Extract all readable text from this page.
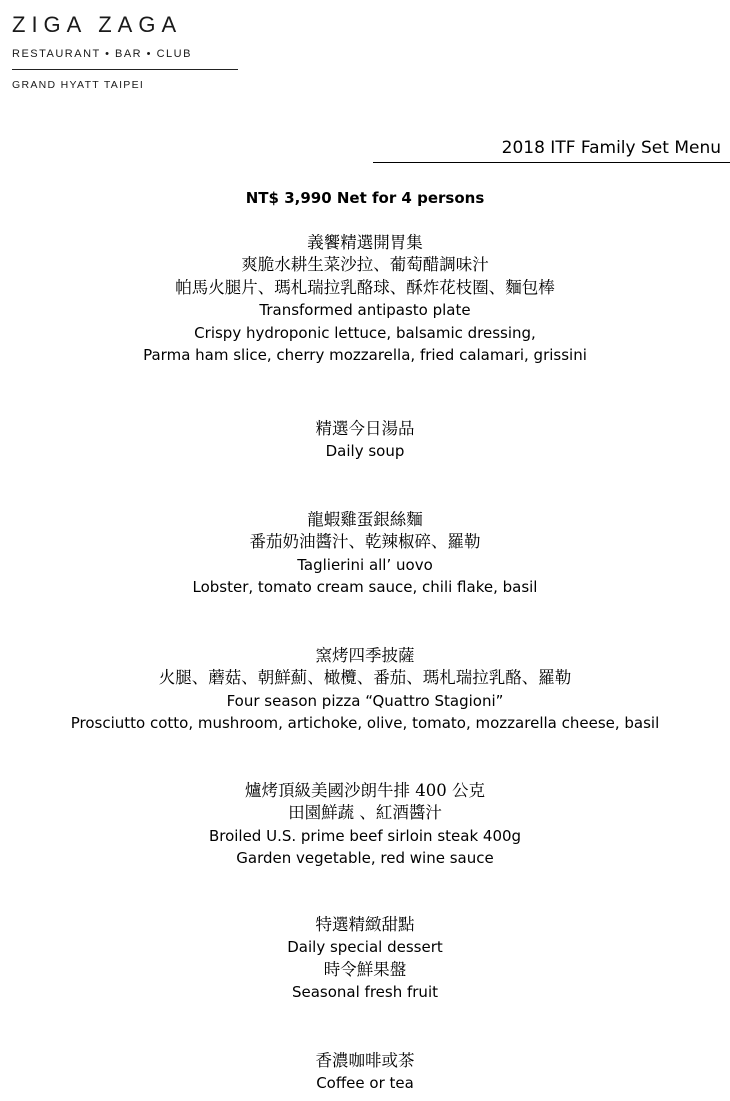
ZIGA ZAGA
RESTAURANT • BAR • CLUB
GRAND HYATT TAIPEI
2018 ITF Family Set Menu
NT$ 3,990 Net for 4 persons
義饗精選開胃集
爽脆水耕生菜沙拉、葡萄醋調味汁
帕馬火腿片、瑪札瑞拉乳酪球、酥炸花枝圈、麵包棒
Transformed antipasto plate
Crispy hydroponic lettuce, balsamic dressing,
Parma ham slice, cherry mozzarella, fried calamari, grissini
精選今日湯品
Daily soup
龍蝦雞蛋銀絲麵
番茄奶油醬汁、乾辣椒碎、羅勒
Taglierini all’ uovo
Lobster, tomato cream sauce, chili flake, basil
窯烤四季披薩
火腿、蘑菇、朝鮮薊、橄欖、番茄、瑪札瑞拉乳酪、羅勒
Four season pizza “Quattro Stagioni”
Prosciutto cotto, mushroom, artichoke, olive, tomato, mozzarella cheese, basil
爐烤頂級美國沙朗牛排 400 公克
田園鮮蔬 、紅酒醬汁
Broiled U.S. prime beef sirloin steak 400g
Garden vegetable, red wine sauce
特選精緻甜點
Daily special dessert
時令鮮果盤
Seasonal fresh fruit
香濃咖啡或茶
Coffee or tea
